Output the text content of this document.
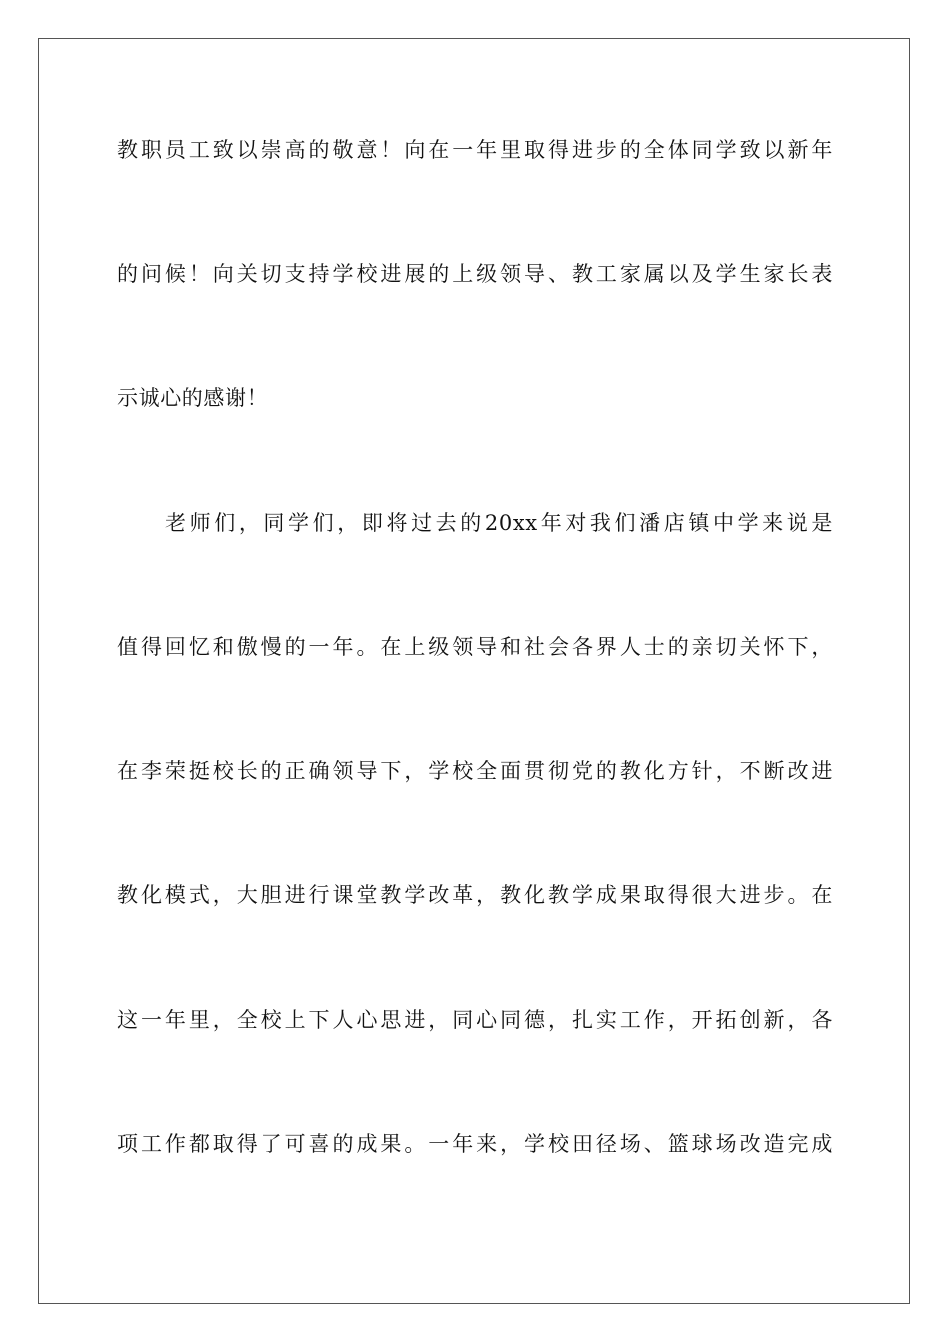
教职员工致以崇高的敬意！向在一年里取得进步的全体同学致以新年
的问候！向关切支持学校进展的上级领导、教工家属以及学生家长表
示诚心的感谢！
老师们，同学们，即将过去的20xx年对我们潘店镇中学来说是
值得回忆和傲慢的一年。在上级领导和社会各界人士的亲切关怀下，
在李荣挺校长的正确领导下，学校全面贯彻党的教化方针，不断改进
教化模式，大胆进行课堂教学改革，教化教学成果取得很大进步。在
这一年里，全校上下人心思进，同心同德，扎实工作，开拓创新，各
项工作都取得了可喜的成果。一年来，学校田径场、篮球场改造完成
